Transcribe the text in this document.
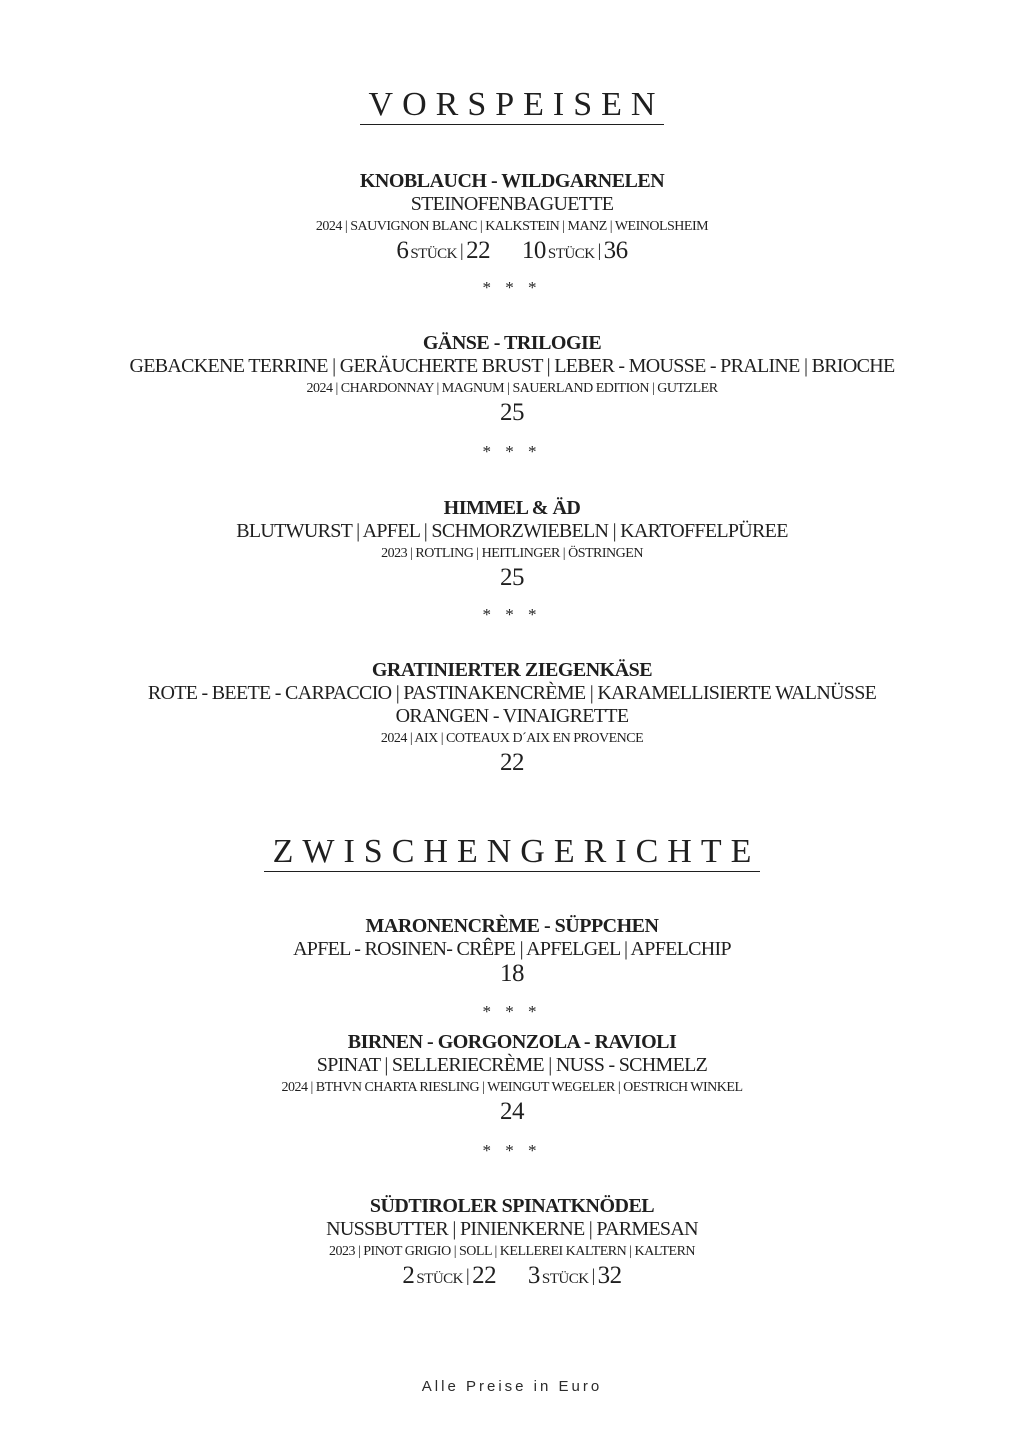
VORSPEISEN
KNOBLAUCH - WILDGARNELEN
STEINOFENBAGUETTE
2024 | SAUVIGNON BLANC | KALKSTEIN | MANZ | WEINOLSHEIM
6 STÜCK | 22 10 STÜCK | 36
* * *
GÄNSE - TRILOGIE
GEBACKENE TERRINE | GERÄUCHERTE BRUST | LEBER - MOUSSE - PRALINE | BRIOCHE
2024 | CHARDONNAY | MAGNUM | SAUERLAND EDITION | GUTZLER
25
* * *
HIMMEL & ÄD
BLUTWURST | APFEL | SCHMORZWIEBELN | KARTOFFELPÜREE
2023 | ROTLING | HEITLINGER | ÖSTRINGEN
25
* * *
GRATINIERTER ZIEGENKÄSE
ROTE - BEETE - CARPACCIO | PASTINAKENCRÈME | KARAMELLISIERTE WALNÜSSE
ORANGEN - VINAIGRETTE
2024 | AIX | COTEAUX D´AIX EN PROVENCE
22
ZWISCHENGERICHTE
MARONENCRÈME - SÜPPCHEN
APFEL - ROSINEN- CRÊPE | APFELGEL | APFELCHIP
18
* * *
BIRNEN - GORGONZOLA - RAVIOLI
SPINAT | SELLERIECRÈME | NUSS - SCHMELZ
2024 | BTHVN CHARTA RIESLING | WEINGUT WEGELER | OESTRICH WINKEL
24
* * *
SÜDTIROLER SPINATKNÖDEL
NUSSBUTTER | PINIENKERNE | PARMESAN
2023 | PINOT GRIGIO | SOLL | KELLEREI KALTERN | KALTERN
2 STÜCK | 22 3 STÜCK | 32
Alle Preise in Euro
